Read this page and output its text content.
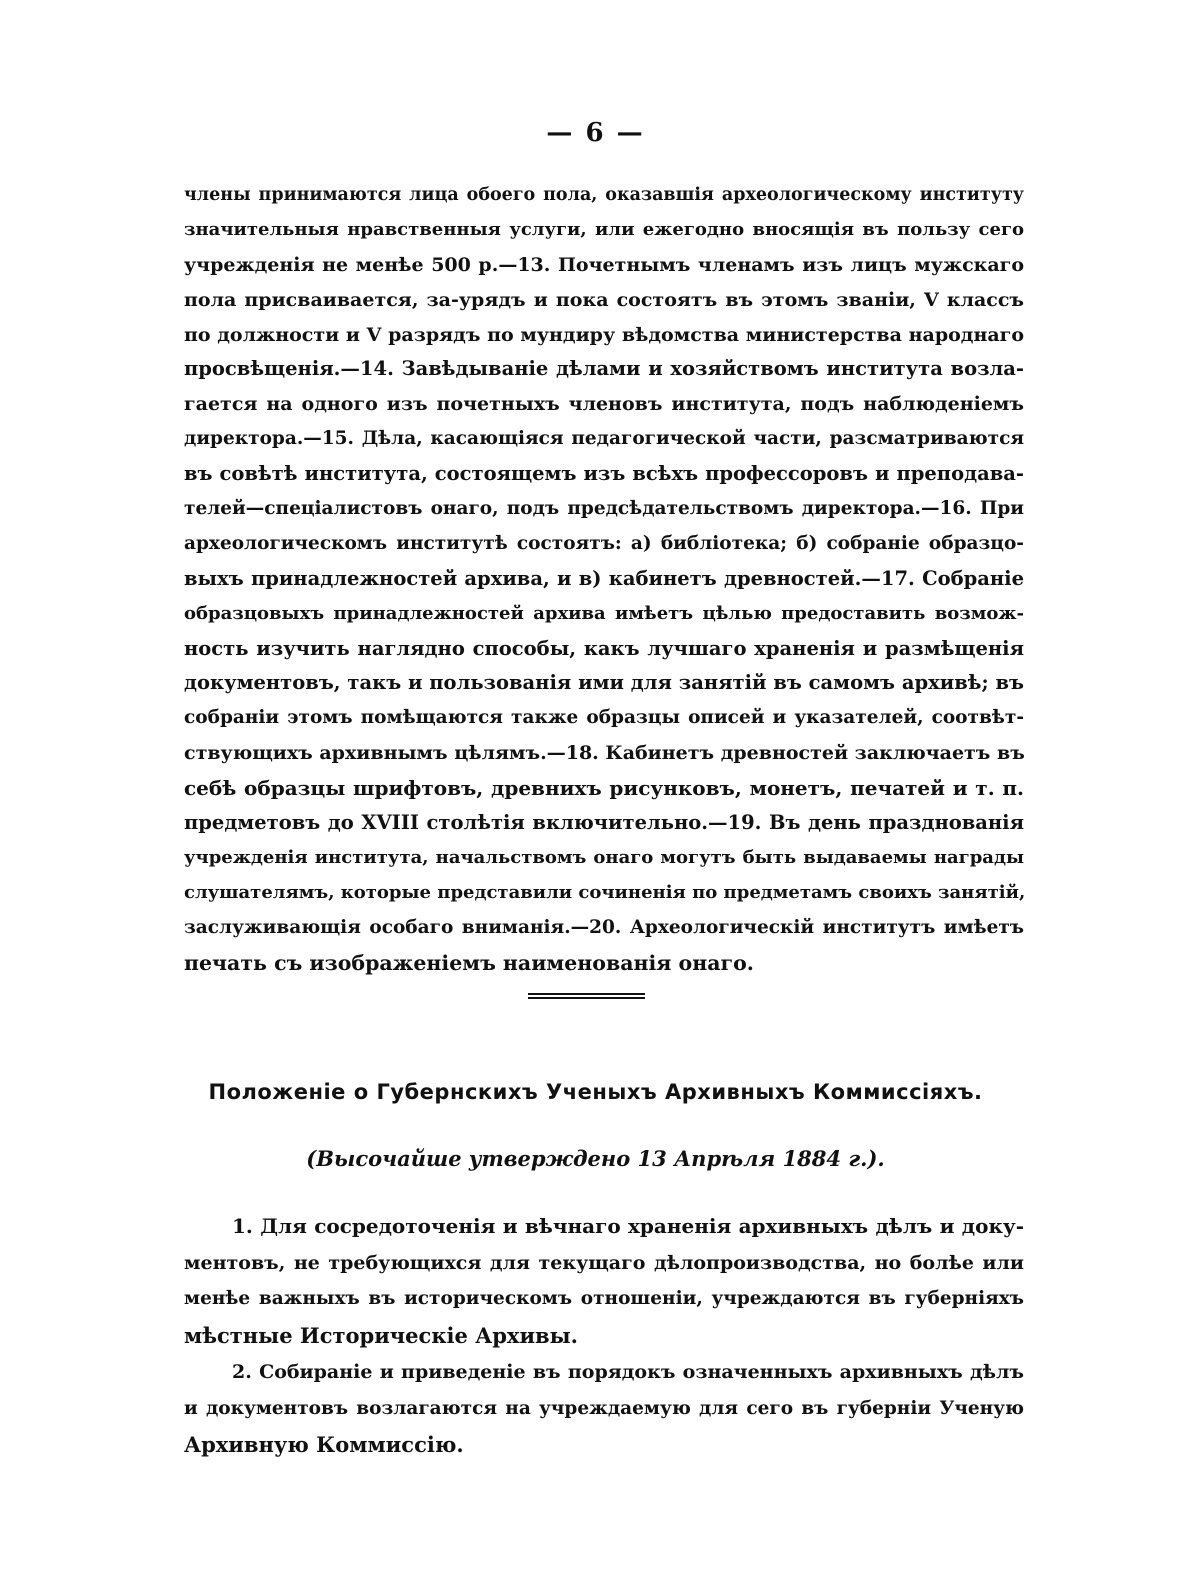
— 6 —
члены принимаются лица обоего пола, оказавшія археологическому институту
значительныя нравственныя услуги, или ежегодно вносящія въ пользу сего
учрежденія не менѣе 500 р.—13. Почетнымъ членамъ изъ лицъ мужскаго
пола присваивается, за-урядъ и пока состоятъ въ этомъ званіи, V классъ
по должности и V разрядъ по мундиру вѣдомства министерства народнаго
просвѣщенія.—14. Завѣдываніе дѣлами и хозяйствомъ института возла-
гается на одного изъ почетныхъ членовъ института, подъ наблюденіемъ
директора.—15. Дѣла, касающіяся педагогической части, разсматриваются
въ совѣтѣ института, состоящемъ изъ всѣхъ профессоровъ и преподава-
телей—спеціалистовъ онаго, подъ предсѣдательствомъ директора.—16. При
археологическомъ институтѣ состоятъ: а) библіотека; б) собраніе образцо-
выхъ принадлежностей архива, и в) кабинетъ древностей.—17. Собраніе
образцовыхъ принадлежностей архива имѣетъ цѣлью предоставить возмож-
ность изучить наглядно способы, какъ лучшаго храненія и размѣщенія
документовъ, такъ и пользованія ими для занятій въ самомъ архивѣ; въ
собраніи этомъ помѣщаются также образцы описей и указателей, соотвѣт-
ствующихъ архивнымъ цѣлямъ.—18. Кабинетъ древностей заключаетъ въ
себѣ образцы шрифтовъ, древнихъ рисунковъ, монетъ, печатей и т. п.
предметовъ до XVIII столѣтія включительно.—19. Въ день празднованія
учрежденія института, начальствомъ онаго могутъ быть выдаваемы награды
слушателямъ, которые представили сочиненія по предметамъ своихъ занятій,
заслуживающія особаго вниманія.—20. Археологическій институтъ имѣетъ
печать съ изображеніемъ наименованія онаго.
Положеніе о Губернскихъ Ученыхъ Архивныхъ Коммиссіяхъ.
(Высочайше утверждено 13 Апрѣля 1884 г.).
1. Для сосредоточенія и вѣчнаго храненія архивныхъ дѣлъ и доку-
ментовъ, не требующихся для текущаго дѣлопроизводства, но болѣе или
менѣе важныхъ въ историческомъ отношеніи, учреждаются въ губерніяхъ
мѣстные Историческіе Архивы.
2. Собираніе и приведеніе въ порядокъ означенныхъ архивныхъ дѣлъ
и документовъ возлагаются на учреждаемую для сего въ губерніи Ученую
Архивную Коммиссію.
